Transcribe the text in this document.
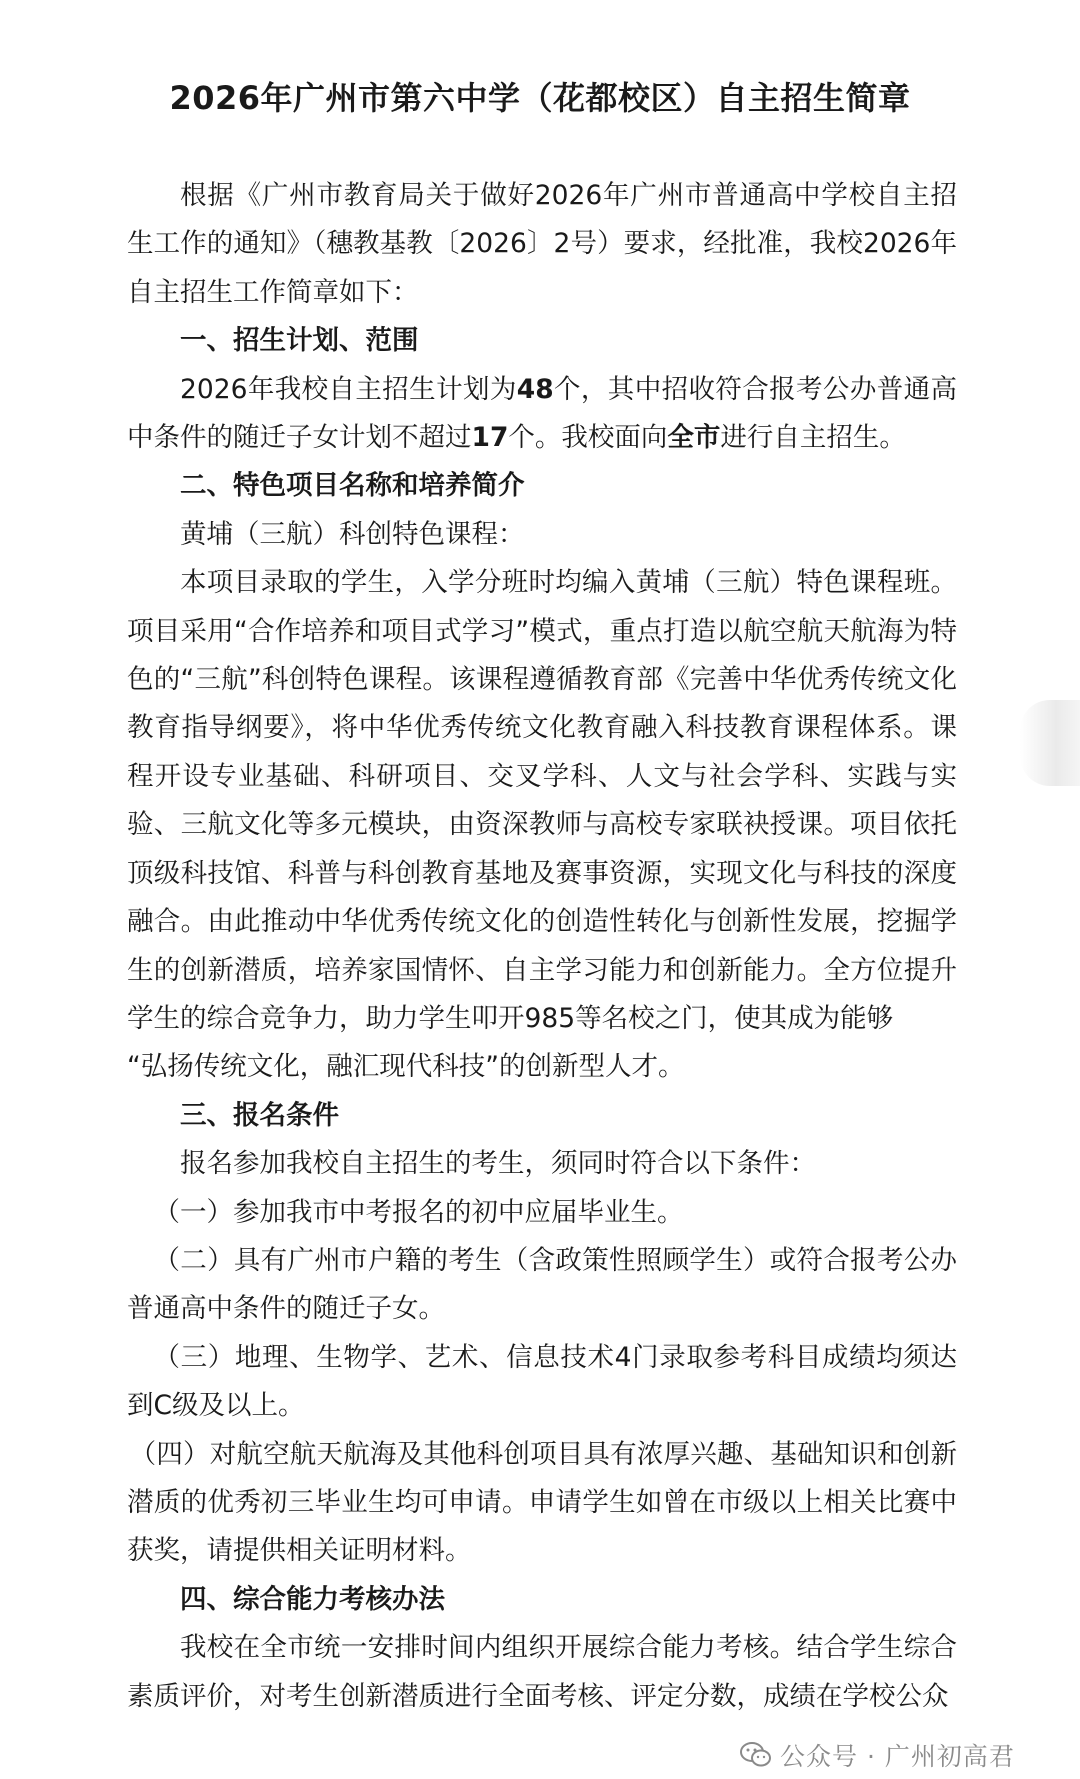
2026年广州市第六中学（花都校区）自主招生简章

根据《广州市教育局关于做好2026年广州市普通高中学校自主招生工作的通知》（穗教基教〔2026〕2号）要求，经批准，我校2026年自主招生工作简章如下：

一、招生计划、范围

2026年我校自主招生计划为48个，其中招收符合报考公办普通高中条件的随迁子女计划不超过17个。我校面向全市进行自主招生。

二、特色项目名称和培养简介

黄埔（三航）科创特色课程：

本项目录取的学生，入学分班时均编入黄埔（三航）特色课程班。项目采用“合作培养和项目式学习”模式，重点打造以航空航天航海为特色的“三航”科创特色课程。该课程遵循教育部《完善中华优秀传统文化教育指导纲要》，将中华优秀传统文化教育融入科技教育课程体系。课程开设专业基础、科研项目、交叉学科、人文与社会学科、实践与实验、三航文化等多元模块，由资深教师与高校专家联袂授课。项目依托顶级科技馆、科普与科创教育基地及赛事资源，实现文化与科技的深度融合。由此推动中华优秀传统文化的创造性转化与创新性发展，挖掘学生的创新潜质，培养家国情怀、自主学习能力和创新能力。全方位提升学生的综合竞争力，助力学生叩开985等名校之门，使其成为能够

“弘扬传统文化，融汇现代科技”的创新型人才。

三、报名条件

报名参加我校自主招生的考生，须同时符合以下条件：

（一）参加我市中考报名的初中应届毕业生。

（二）具有广州市户籍的考生（含政策性照顾学生）或符合报考公办普通高中条件的随迁子女。

（三）地理、生物学、艺术、信息技术4门录取参考科目成绩均须达到C级及以上。

（四）对航空航天航海及其他科创项目具有浓厚兴趣、基础知识和创新潜质的优秀初三毕业生均可申请。申请学生如曾在市级以上相关比赛中获奖，请提供相关证明材料。

四、综合能力考核办法

我校在全市统一安排时间内组织开展综合能力考核。结合学生综合素质评价，对考生创新潜质进行全面考核、评定分数，成绩在学校公众

公众号 · 广州初高君
